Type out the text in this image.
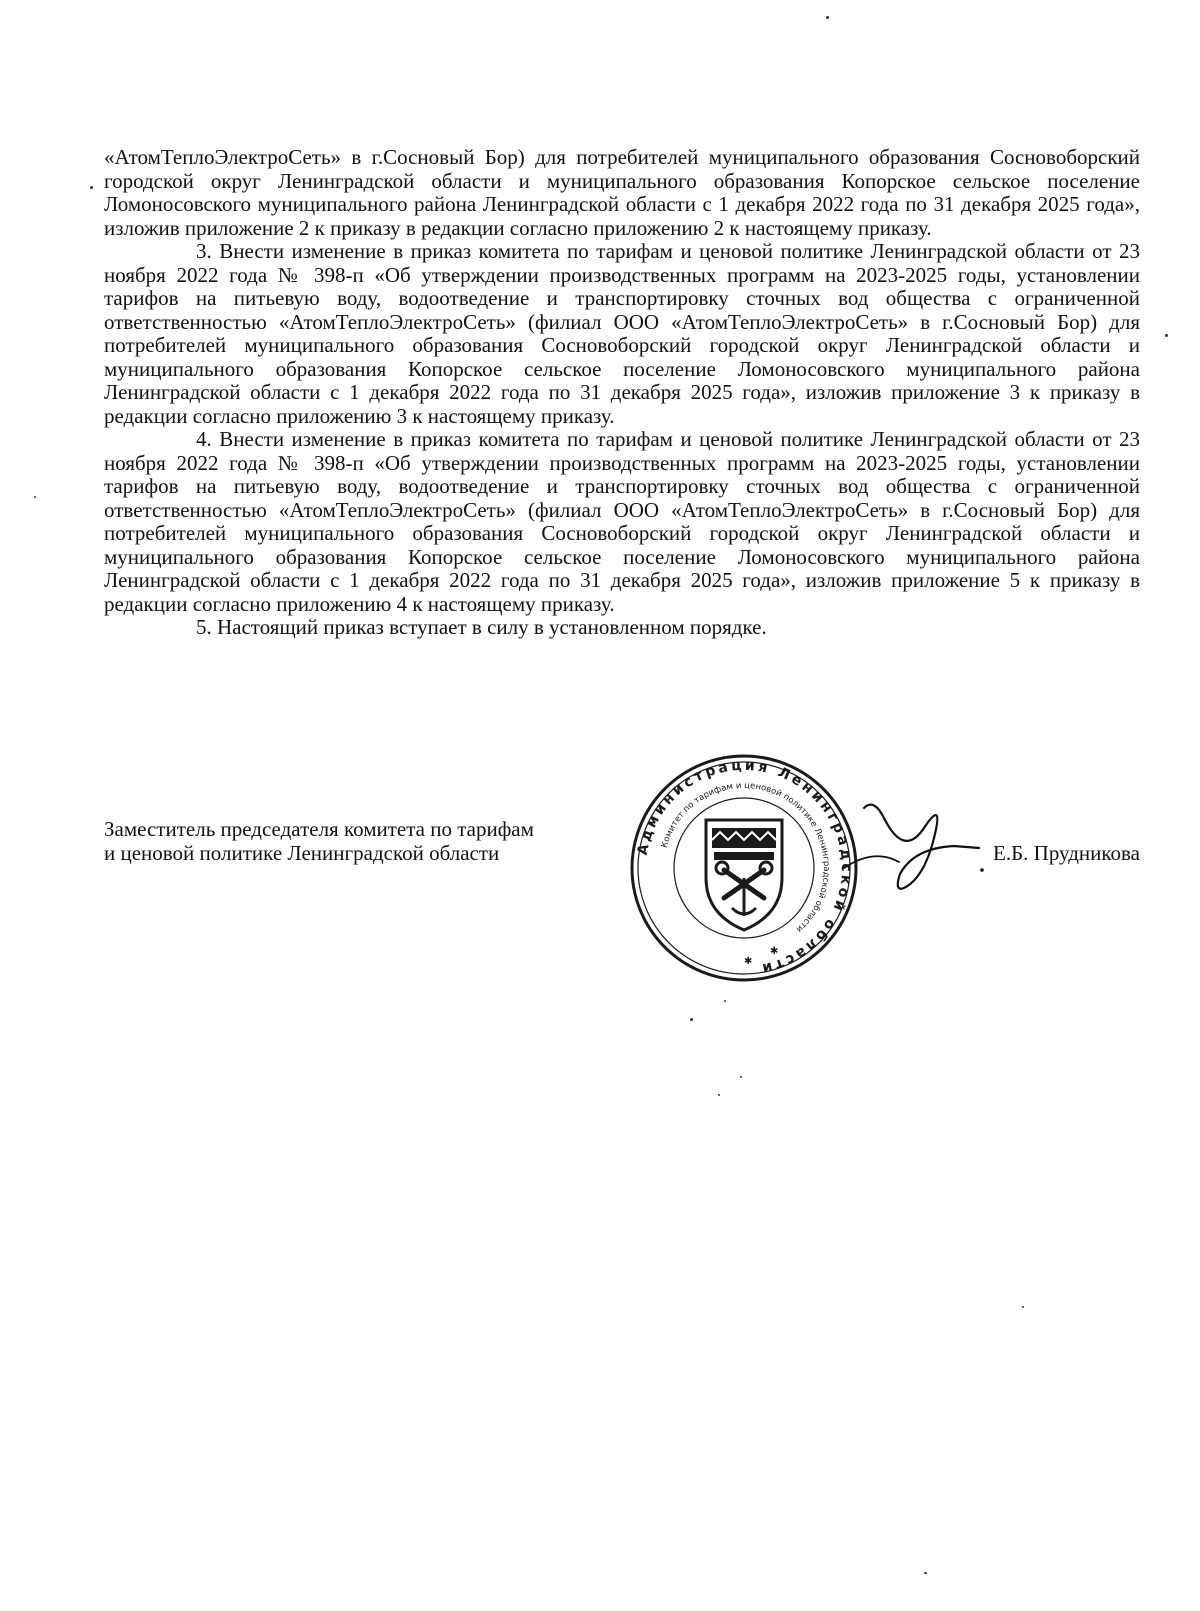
«АтомТеплоЭлектроСеть» в г.Сосновый Бор) для потребителей муниципального образования Сосновоборский городской округ Ленинградской области и муниципального образования Копорское сельское поселение Ломоносовского муниципального района Ленинградской области с 1 декабря 2022 года по 31 декабря 2025 года», изложив приложение 2 к приказу в редакции согласно приложению 2 к настоящему приказу.

3. Внести изменение в приказ комитета по тарифам и ценовой политике Ленинградской области от 23 ноября 2022 года № 398-п «Об утверждении производственных программ на 2023-2025 годы, установлении тарифов на питьевую воду, водоотведение и транспортировку сточных вод общества с ограниченной ответственностью «АтомТеплоЭлектроСеть» (филиал ООО «АтомТеплоЭлектроСеть» в г.Сосновый Бор) для потребителей муниципального образования Сосновоборский городской округ Ленинградской области и муниципального образования Копорское сельское поселение Ломоносовского муниципального района Ленинградской области с 1 декабря 2022 года по 31 декабря 2025 года», изложив приложение 3 к приказу в редакции согласно приложению 3 к настоящему приказу.

4. Внести изменение в приказ комитета по тарифам и ценовой политике Ленинградской области от 23 ноября 2022 года № 398-п «Об утверждении производственных программ на 2023-2025 годы, установлении тарифов на питьевую воду, водоотведение и транспортировку сточных вод общества с ограниченной ответственностью «АтомТеплоЭлектроСеть» (филиал ООО «АтомТеплоЭлектроСеть» в г.Сосновый Бор) для потребителей муниципального образования Сосновоборский городской округ Ленинградской области и муниципального образования Копорское сельское поселение Ломоносовского муниципального района Ленинградской области с 1 декабря 2022 года по 31 декабря 2025 года», изложив приложение 5 к приказу в редакции согласно приложению 4 к настоящему приказу.

5. Настоящий приказ вступает в силу в установленном порядке.

Заместитель председателя комитета по тарифам
и ценовой политике Ленинградской области	Администрация Ленинградской области
Комитет по тарифам и ценовой политике Ленинградской области
✱
✱
Е.Б. Прудникова
